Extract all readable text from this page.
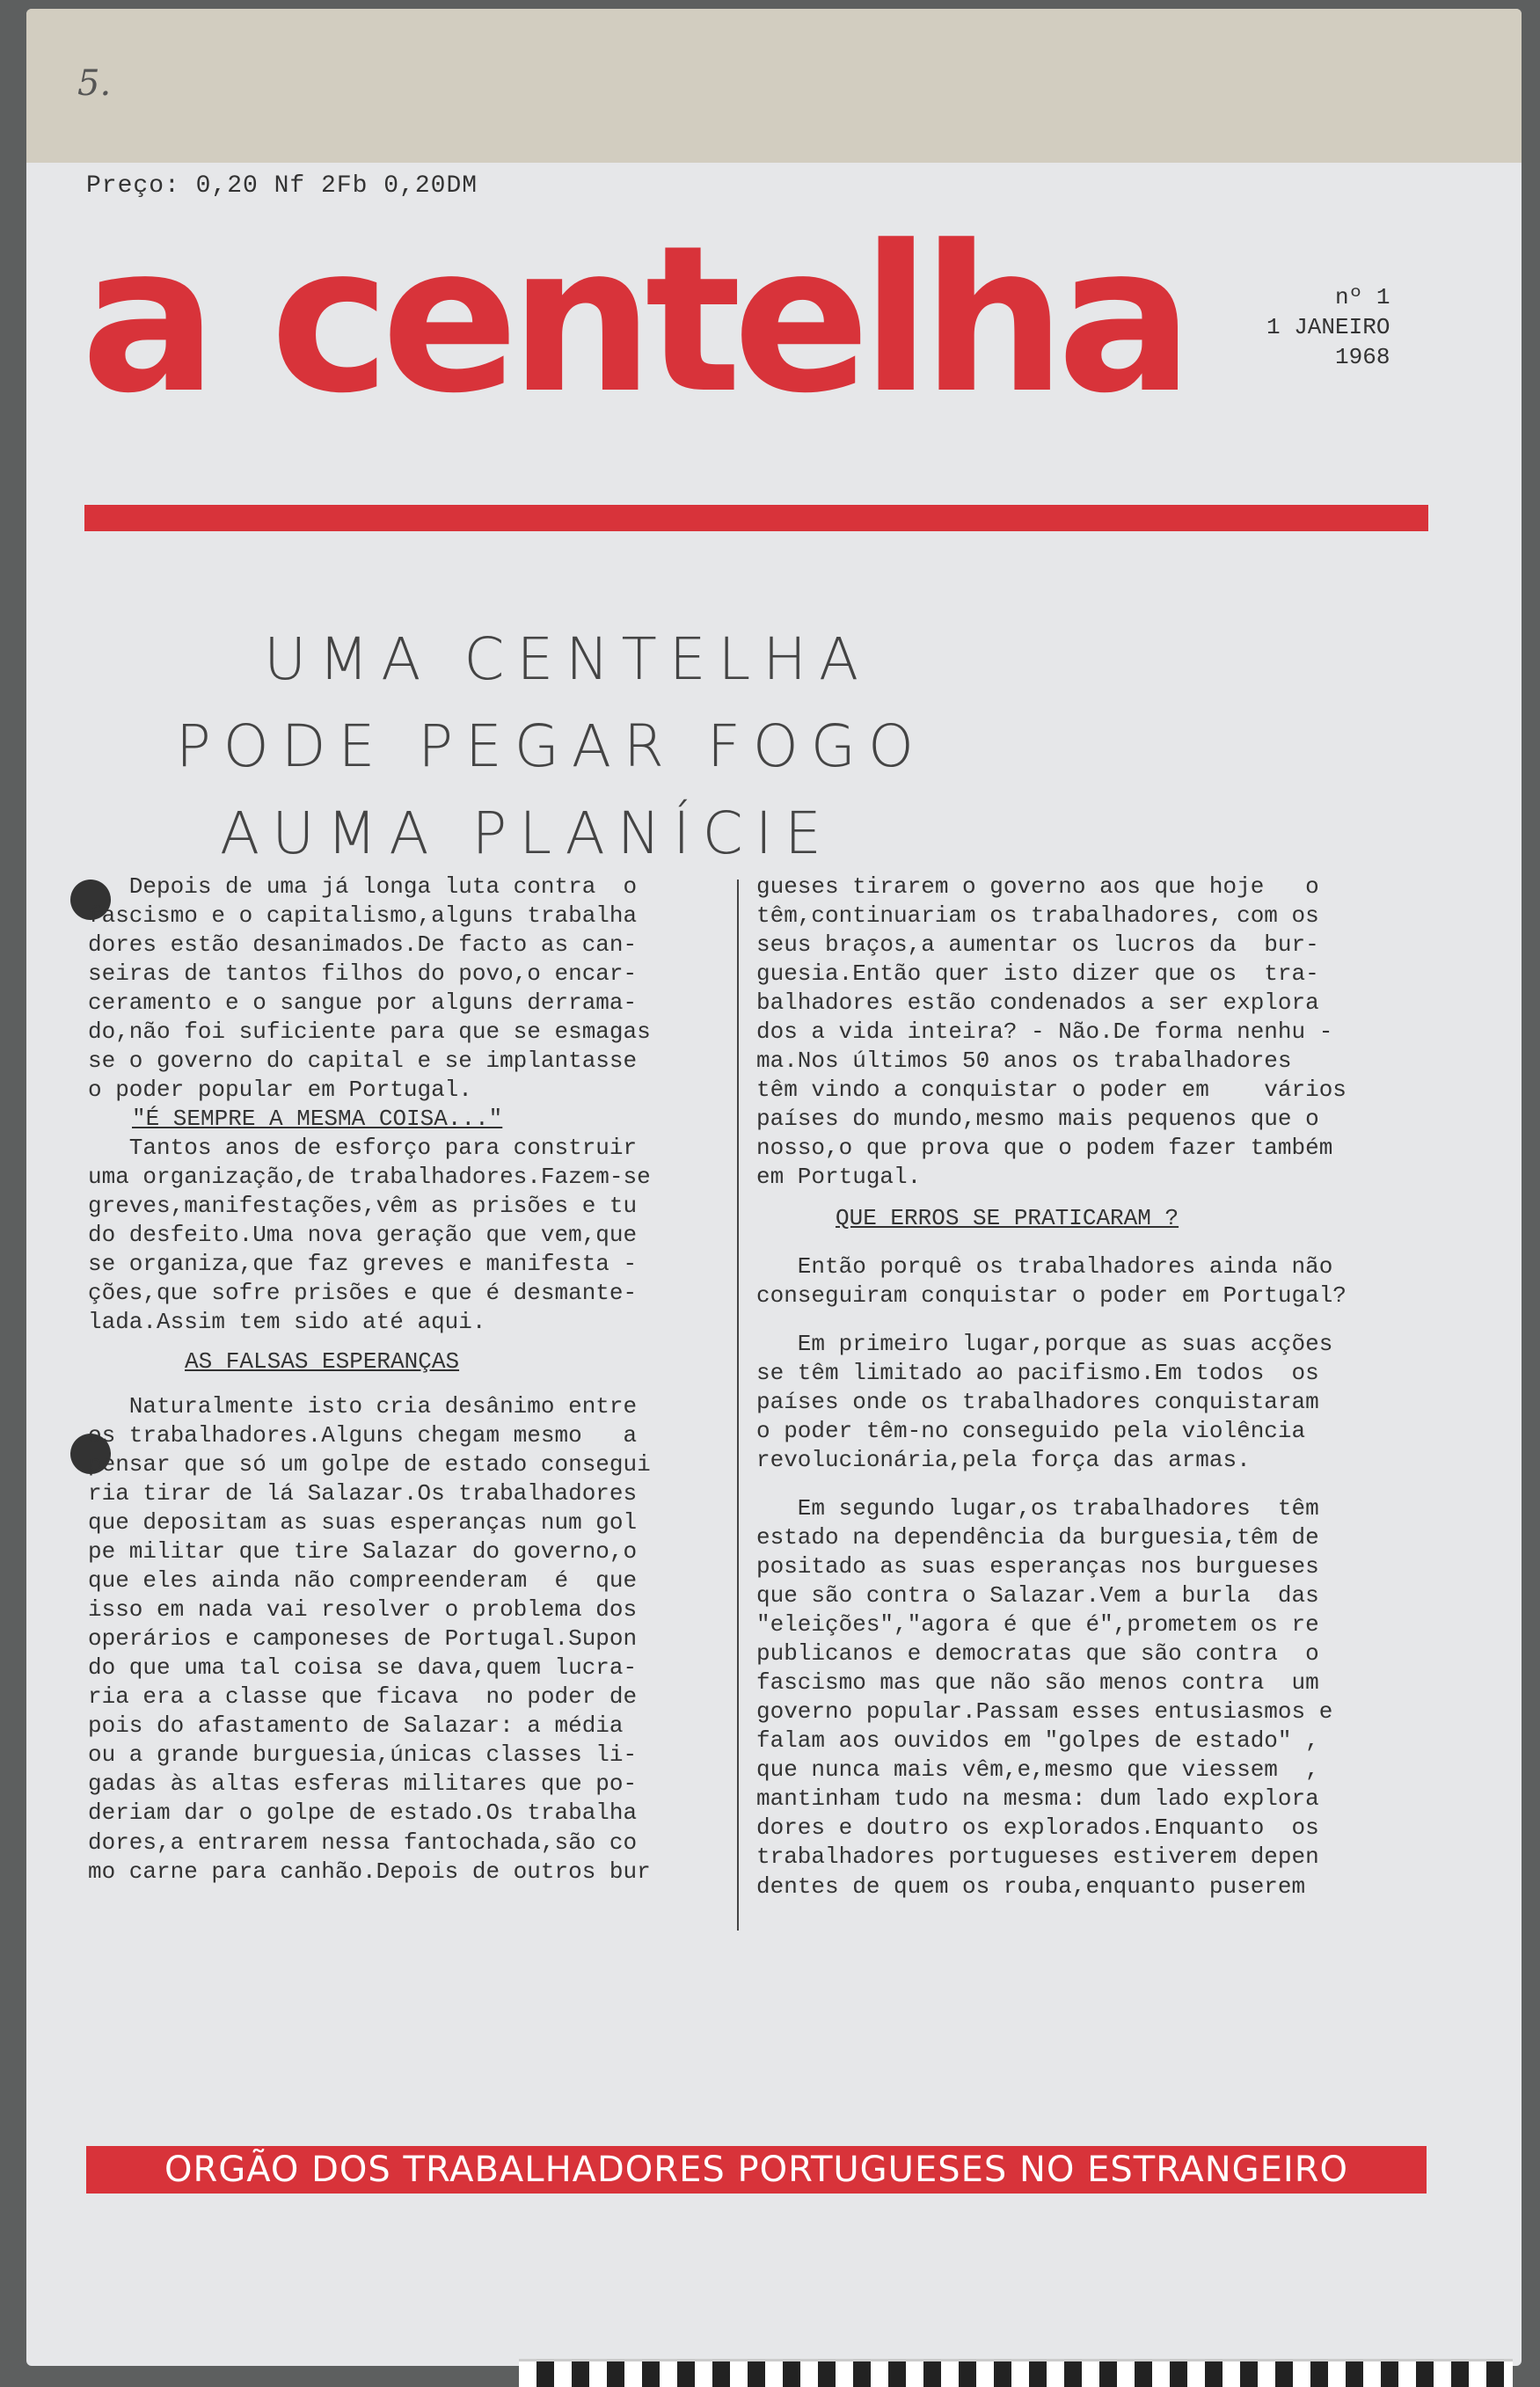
5.
Preço: 0,20 Nf 2Fb 0,20DM
a centelha	nº 1
1 JANEIRO
1968
UMA CENTELHA
PODE PEGAR FOGO
AUMA PLANÍCIE
Depois de uma já longa luta contra  o
fascismo e o capitalismo,alguns trabalha
dores estão desanimados.De facto as can-
seiras de tantos filhos do povo,o encar-
ceramento e o sangue por alguns derrama-
do,não foi suficiente para que se esmagas
se o governo do capital e se implantasse
o poder popular em Portugal.
"É SEMPRE A MESMA COISA..."
Tantos anos de esforço para construir
uma organização,de trabalhadores.Fazem-se
greves,manifestações,vêm as prisões e tu
do desfeito.Uma nova geração que vem,que
se organiza,que faz greves e manifesta -
ções,que sofre prisões e que é desmante-
lada.Assim tem sido até aqui.
AS FALSAS ESPERANÇAS
Naturalmente isto cria desânimo entre
os trabalhadores.Alguns chegam mesmo   a
pensar que só um golpe de estado consegui
ria tirar de lá Salazar.Os trabalhadores
que depositam as suas esperanças num gol
pe militar que tire Salazar do governo,o
que eles ainda não compreenderam  é  que
isso em nada vai resolver o problema dos
operários e camponeses de Portugal.Supon
do que uma tal coisa se dava,quem lucra-
ria era a classe que ficava  no poder de
pois do afastamento de Salazar: a média
ou a grande burguesia,únicas classes li-
gadas às altas esferas militares que po-
deriam dar o golpe de estado.Os trabalha
dores,a entrarem nessa fantochada,são co
mo carne para canhão.Depois de outros bur
gueses tirarem o governo aos que hoje   o
têm,continuariam os trabalhadores, com os
seus braços,a aumentar os lucros da  bur-
guesia.Então quer isto dizer que os  tra-
balhadores estão condenados a ser explora
dos a vida inteira? - Não.De forma nenhu -
ma.Nos últimos 50 anos os trabalhadores
têm vindo a conquistar o poder em    vários
países do mundo,mesmo mais pequenos que o
nosso,o que prova que o podem fazer também
em Portugal.
QUE ERROS SE PRATICARAM ?
Então porquê os trabalhadores ainda não
conseguiram conquistar o poder em Portugal?
Em primeiro lugar,porque as suas acções
se têm limitado ao pacifismo.Em todos  os
países onde os trabalhadores conquistaram
o poder têm-no conseguido pela violência
revolucionária,pela força das armas.
Em segundo lugar,os trabalhadores  têm
estado na dependência da burguesia,têm de
positado as suas esperanças nos burgueses
que são contra o Salazar.Vem a burla  das
"eleições","agora é que é",prometem os re
publicanos e democratas que são contra  o
fascismo mas que não são menos contra  um
governo popular.Passam esses entusiasmos e
falam aos ouvidos em "golpes de estado" ,
que nunca mais vêm,e,mesmo que viessem  ,
mantinham tudo na mesma: dum lado explora
dores e doutro os explorados.Enquanto  os
trabalhadores portugueses estiverem depen
dentes de quem os rouba,enquanto puserem
ORGÃO DOS TRABALHADORES PORTUGUESES NO ESTRANGEIRO
